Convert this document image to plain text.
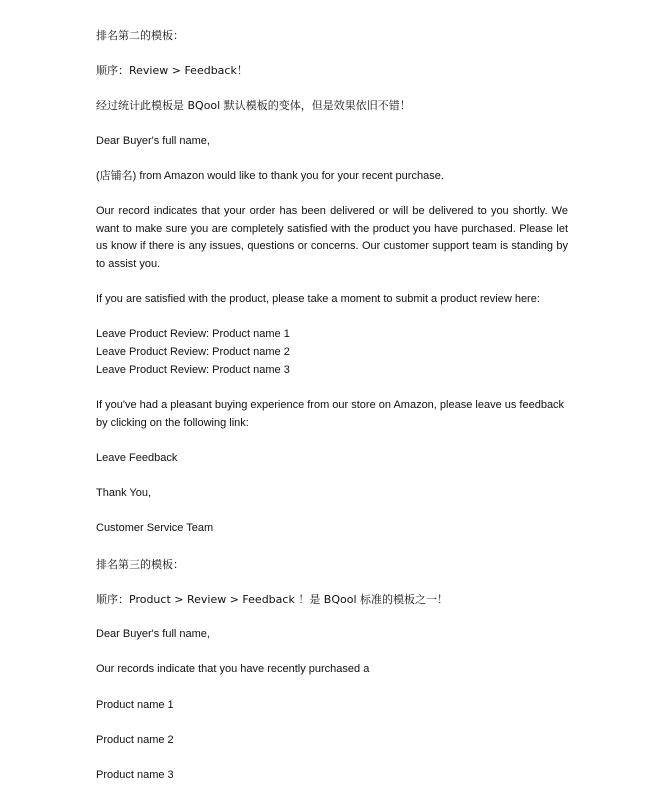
排名第二的模板：

顺序：Review > Feedback！

经过统计此模板是 BQool 默认模板的变体，但是效果依旧不错！

Dear Buyer's full name,

(店铺名) from Amazon would like to thank you for your recent purchase.

Our record indicates that your order has been delivered or will be delivered to you shortly. We want to make sure you are completely satisfied with the product you have purchased. Please let us know if there is any issues, questions or concerns. Our customer support team is standing by to assist you.

If you are satisfied with the product, please take a moment to submit a product review here:

Leave Product Review: Product name 1

Leave Product Review: Product name 2

Leave Product Review: Product name 3

If you've had a pleasant buying experience from our store on Amazon, please leave us feedback by clicking on the following link:

Leave Feedback

Thank You,

Customer Service Team

排名第三的模板：

顺序：Product > Review > Feedback ！是 BQool 标准的模板之一！

Dear Buyer's full name,

Our records indicate that you have recently purchased a

Product name 1

Product name 2

Product name 3
